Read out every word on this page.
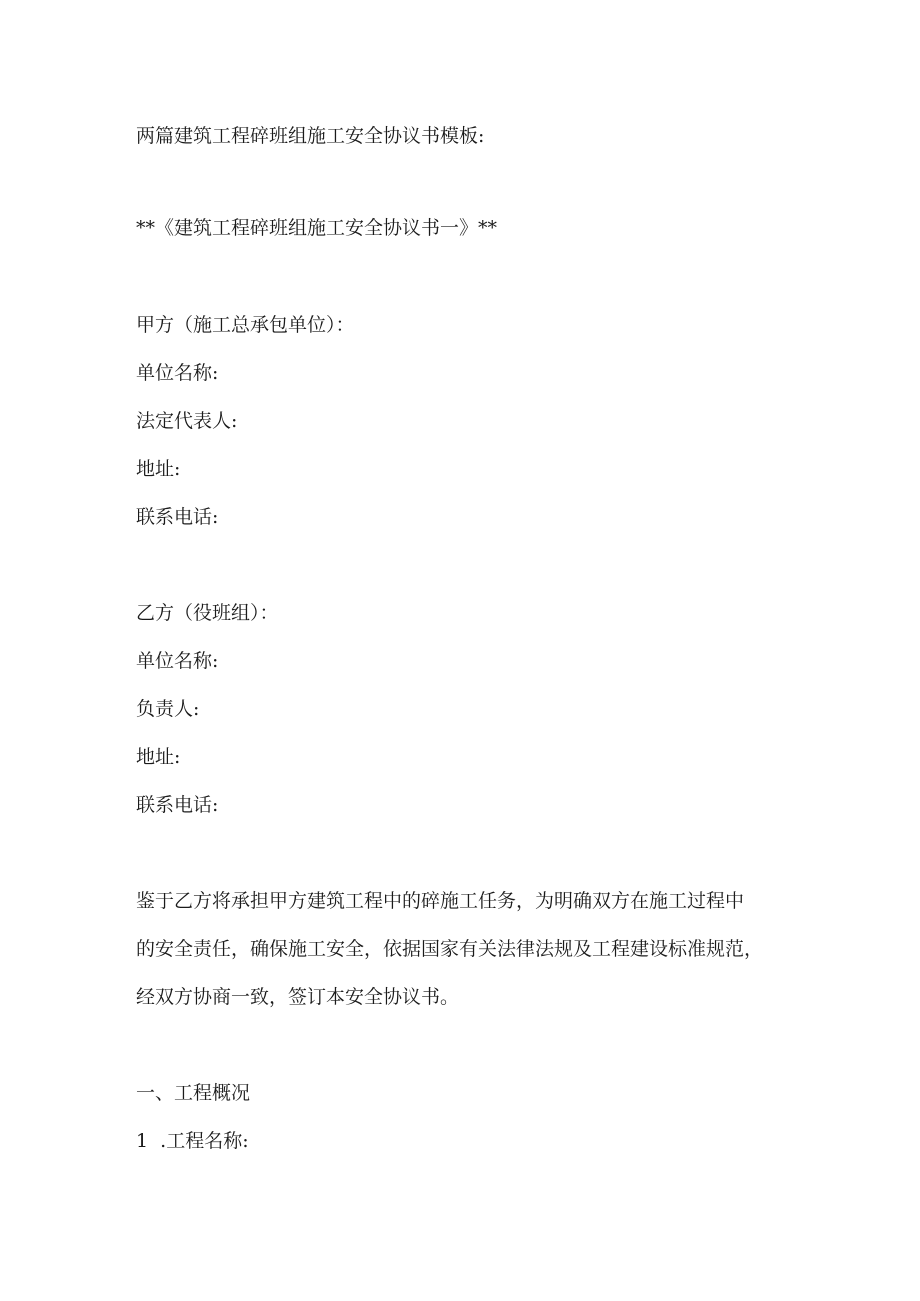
两篇建筑工程碎班组施工安全协议书模板:

**《建筑工程碎班组施工安全协议书一》**

甲方（施工总承包单位）：

单位名称:

法定代表人:

地址:

联系电话:

乙方（役班组）：

单位名称:

负责人:

地址:

联系电话:

鉴于乙方将承担甲方建筑工程中的碎施工任务，为明确双方在施工过程中

的安全责任，确保施工安全，依据国家有关法律法规及工程建设标准规范，

经双方协商一致，签订本安全协议书。

一、工程概况

1  .工程名称:
